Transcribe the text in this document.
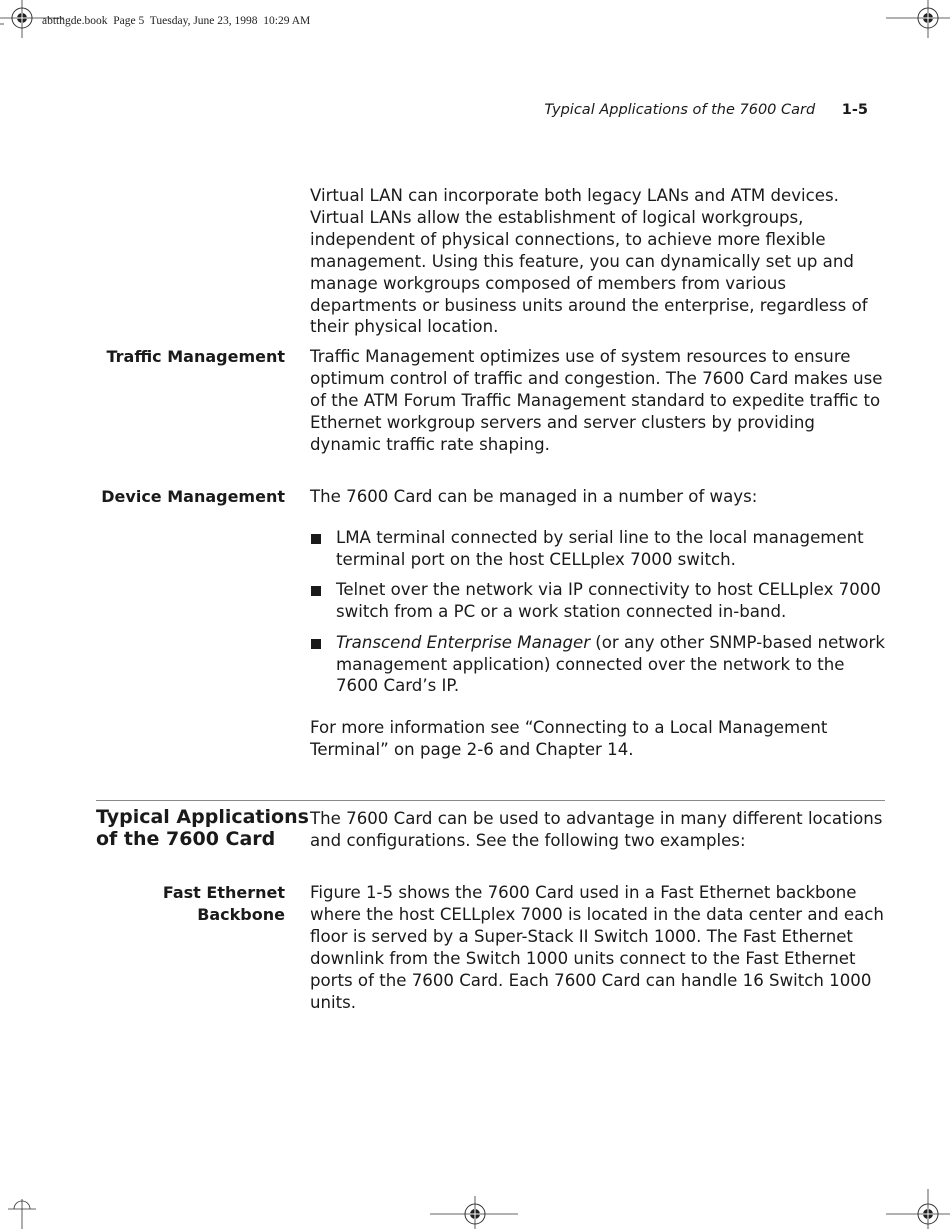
abtthgde.book Page 5 Tuesday, June 23, 1998 10:29 AM
Typical Applications of the 7600 Card 1-5

Virtual LAN can incorporate both legacy LANs and ATM devices. Virtual LANs allow the establishment of logical workgroups, independent of physical connections, to achieve more flexible management. Using this feature, you can dynamically set up and manage workgroups composed of members from various departments or business units around the enterprise, regardless of their physical location.

Traffic Management Traffic Management optimizes use of system resources to ensure optimum control of traffic and congestion. The 7600 Card makes use of the ATM Forum Traffic Management standard to expedite traffic to Ethernet workgroup servers and server clusters by providing dynamic traffic rate shaping.

Device Management The 7600 Card can be managed in a number of ways:

LMA terminal connected by serial line to the local management terminal port on the host CELLplex 7000 switch.
Telnet over the network via IP connectivity to host CELLplex 7000 switch from a PC or a work station connected in-band.
Transcend Enterprise Manager (or any other SNMP-based network management application) connected over the network to the 7600 Card’s IP.

For more information see “Connecting to a Local Management Terminal” on page 2-6 and Chapter 14.

Typical Applications
of the 7600 Card

The 7600 Card can be used to advantage in many different locations and configurations. See the following two examples:

Fast Ethernet
Backbone

Figure 1-5 shows the 7600 Card used in a Fast Ethernet backbone where the host CELLplex 7000 is located in the data center and each floor is served by a Super-Stack II Switch 1000. The Fast Ethernet downlink from the Switch 1000 units connect to the Fast Ethernet ports of the 7600 Card. Each 7600 Card can handle 16 Switch 1000 units.
